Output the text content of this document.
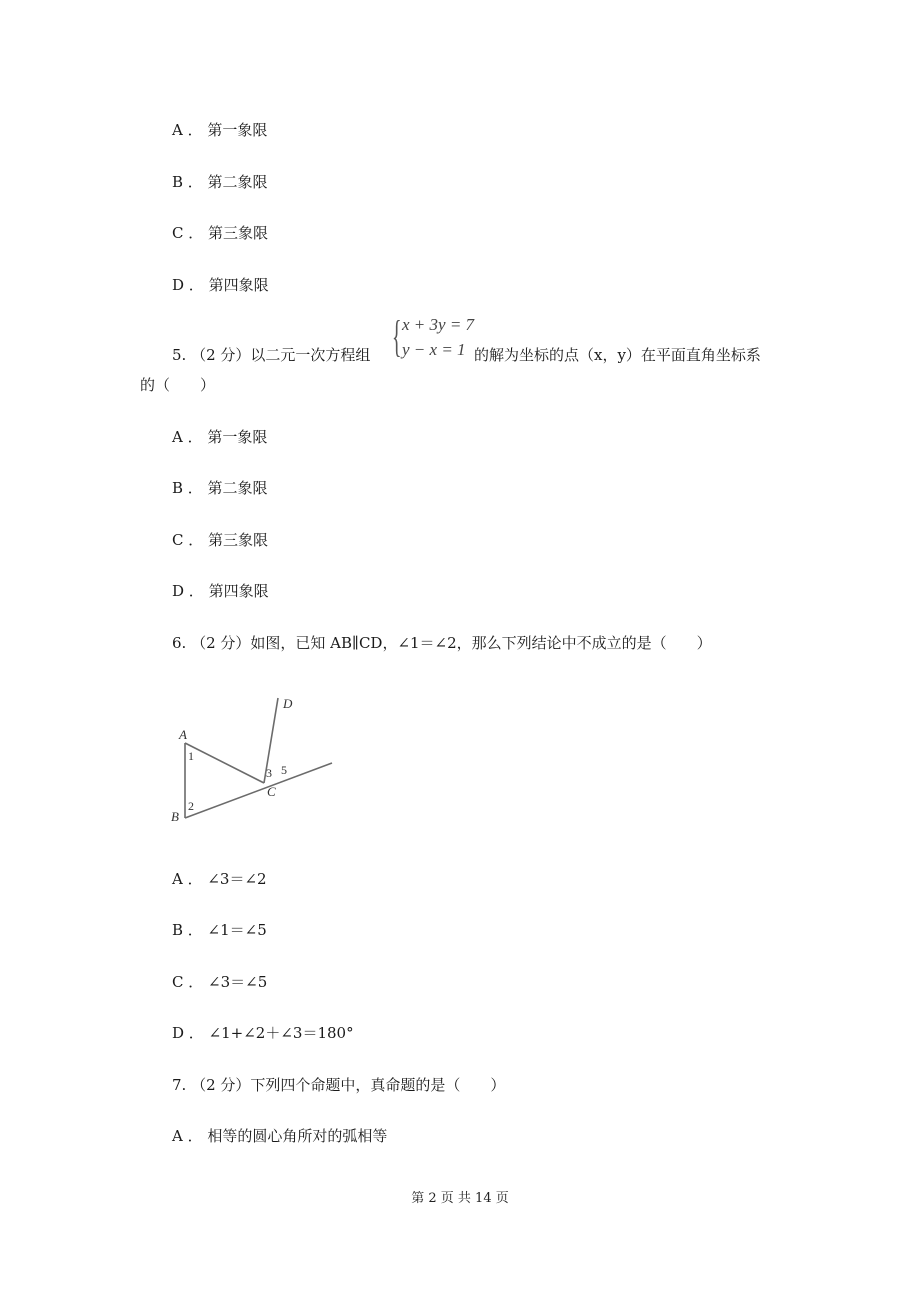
A ． 第一象限
B ． 第二象限
C ． 第三象限
D ． 第四象限
5. （2 分）以二元一次方程组 { x + 3y = 7
y − x = 1 的解为坐标的点（x，y）在平面直角坐标系
的（　　）
A ． 第一象限
B ． 第二象限
C ． 第三象限
D ． 第四象限
6. （2 分）如图，已知 AB∥CD，∠1＝∠2，那么下列结论中不成立的是（　　）
A
B
C
D
1
2
3 5
A ． ∠3＝∠2
B ． ∠1＝∠5
C ． ∠3＝∠5
D ． ∠1+∠2＋∠3＝180°
7. （2 分）下列四个命题中，真命题的是（　　）
A ． 相等的圆心角所对的弧相等
第 2 页 共 14 页
